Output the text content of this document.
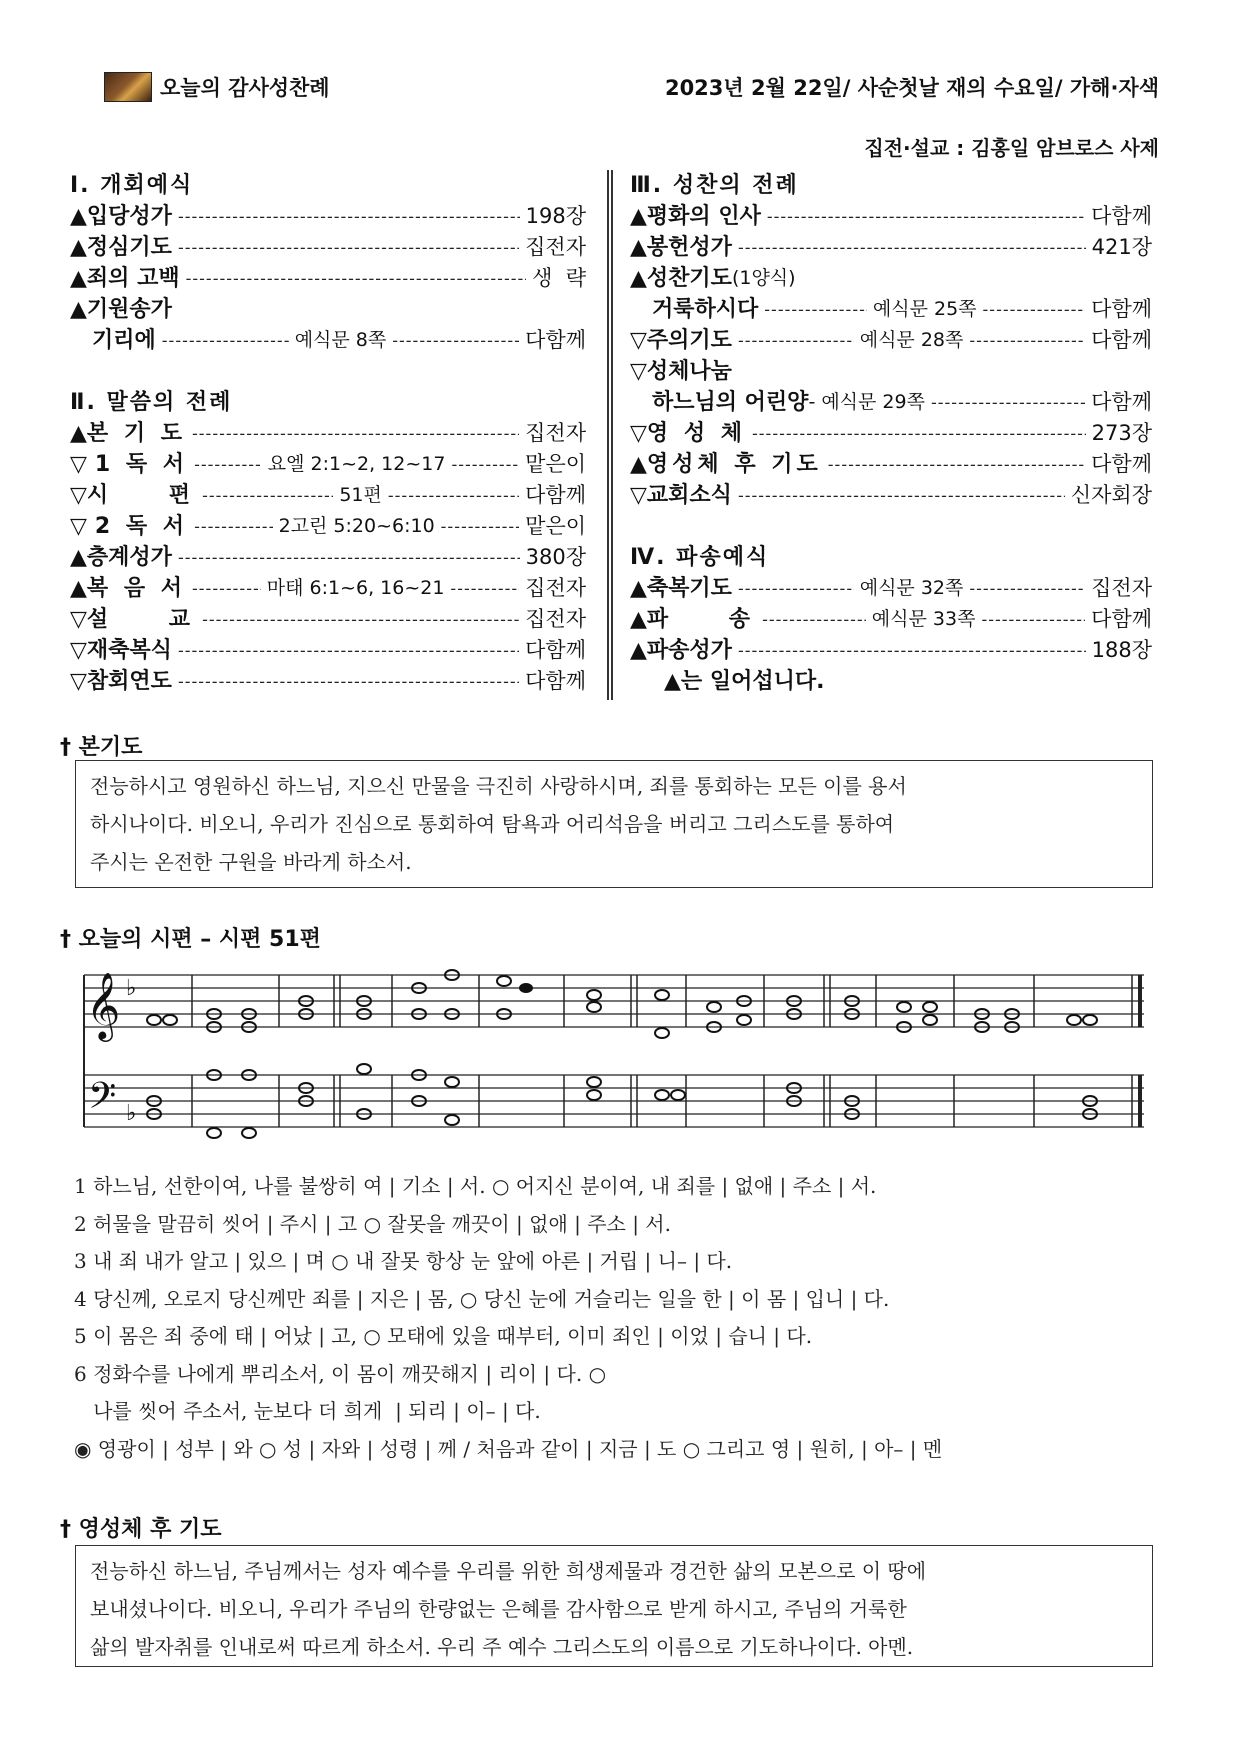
오늘의 감사성찬례	2023년 2월 22일/ 사순첫날 재의 수요일/ 가해·자색
집전·설교 : 김홍일 암브로스 사제
Ⅰ. 개회예식
▲ 입당성가 -----	198장
▲ 정심기도 -----	집전자
▲ 죄의 고백 -----	생  략
▲ 기원송가
기리에 -----	예식문 8쪽 -----	다함께
Ⅱ. 말씀의 전례
▲ 본 기 도 -----	집전자
▽ 1 독 서 -----	요엘 2:1~2, 12~17 -----	맡은이
▽ 시    편 -----	51편 -----	다함께
▽ 2 독 서 -----	2고린 5:20~6:10 -----	맡은이
▲ 층계성가 -----	380장
▲ 복 음 서 -----	마태 6:1~6, 16~21 -----	집전자
▽ 설    교 -----	집전자
▽ 재축복식 -----	다함께
▽ 참회연도 -----	다함께
Ⅲ. 성찬의 전례
▲ 평화의 인사 -----	다함께
▲ 봉헌성가 -----	421장
▲ 성찬기도 (1양식)
거룩하시다 -----	예식문 25쪽 -----	다함께
▽ 주의기도 -----	예식문 28쪽 -----	다함께
▽ 성체나눔
하느님의 어린양 - 예식문 29쪽 -----	다함께
▽ 영 성 체 -----	273장
▲ 영성체 후 기도 -----	다함께
▽ 교회소식 -----	신자회장
Ⅳ. 파송예식
▲ 축복기도 -----	예식문 32쪽 -----	집전자
▲ 파    송 -----	예식문 33쪽 -----	다함께
▲ 파송성가 -----	188장
▲는 일어섭니다.
† 본기도
전능하시고 영원하신 하느님, 지으신 만물을 극진히 사랑하시며, 죄를 통회하는 모든 이를 용서
하시나이다. 비오니, 우리가 진심으로 통회하여 탐욕과 어리석음을 버리고 그리스도를 통하여
주시는 온전한 구원을 바라게 하소서.
† 오늘의 시편 – 시편 51편
𝄞
𝄢
♭
♭
1 하느님, 선한이여, 나를 불쌍히 여 | 기소 | 서. ○ 어지신 분이여, 내 죄를 | 없애 | 주소 | 서.
2 허물을 말끔히 씻어 | 주시 | 고 ○ 잘못을 깨끗이 | 없애 | 주소 | 서.
3 내 죄 내가 알고 | 있으 | 며 ○ 내 잘못 항상 눈 앞에 아른 | 거립 | 니– | 다.
4 당신께, 오로지 당신께만 죄를 | 지은 | 몸, ○ 당신 눈에 거슬리는 일을 한 | 이 몸 | 입니 | 다.
5 이 몸은 죄 중에 태 | 어났 | 고, ○ 모태에 있을 때부터, 이미 죄인 | 이었 | 습니 | 다.
6 정화수를 나에게 뿌리소서, 이 몸이 깨끗해지 | 리이 | 다. ○
나를 씻어 주소서, 눈보다 더 희게  | 되리 | 이– | 다.
◉ 영광이 | 성부 | 와 ○ 성 | 자와 | 성령 | 께 / 처음과 같이 | 지금 | 도 ○ 그리고 영 | 원히, | 아– | 멘
† 영성체 후 기도
전능하신 하느님, 주님께서는 성자 예수를 우리를 위한 희생제물과 경건한 삶의 모본으로 이 땅에
보내셨나이다. 비오니, 우리가 주님의 한량없는 은혜를 감사함으로 받게 하시고, 주님의 거룩한
삶의 발자취를 인내로써 따르게 하소서. 우리 주 예수 그리스도의 이름으로 기도하나이다. 아멘.
